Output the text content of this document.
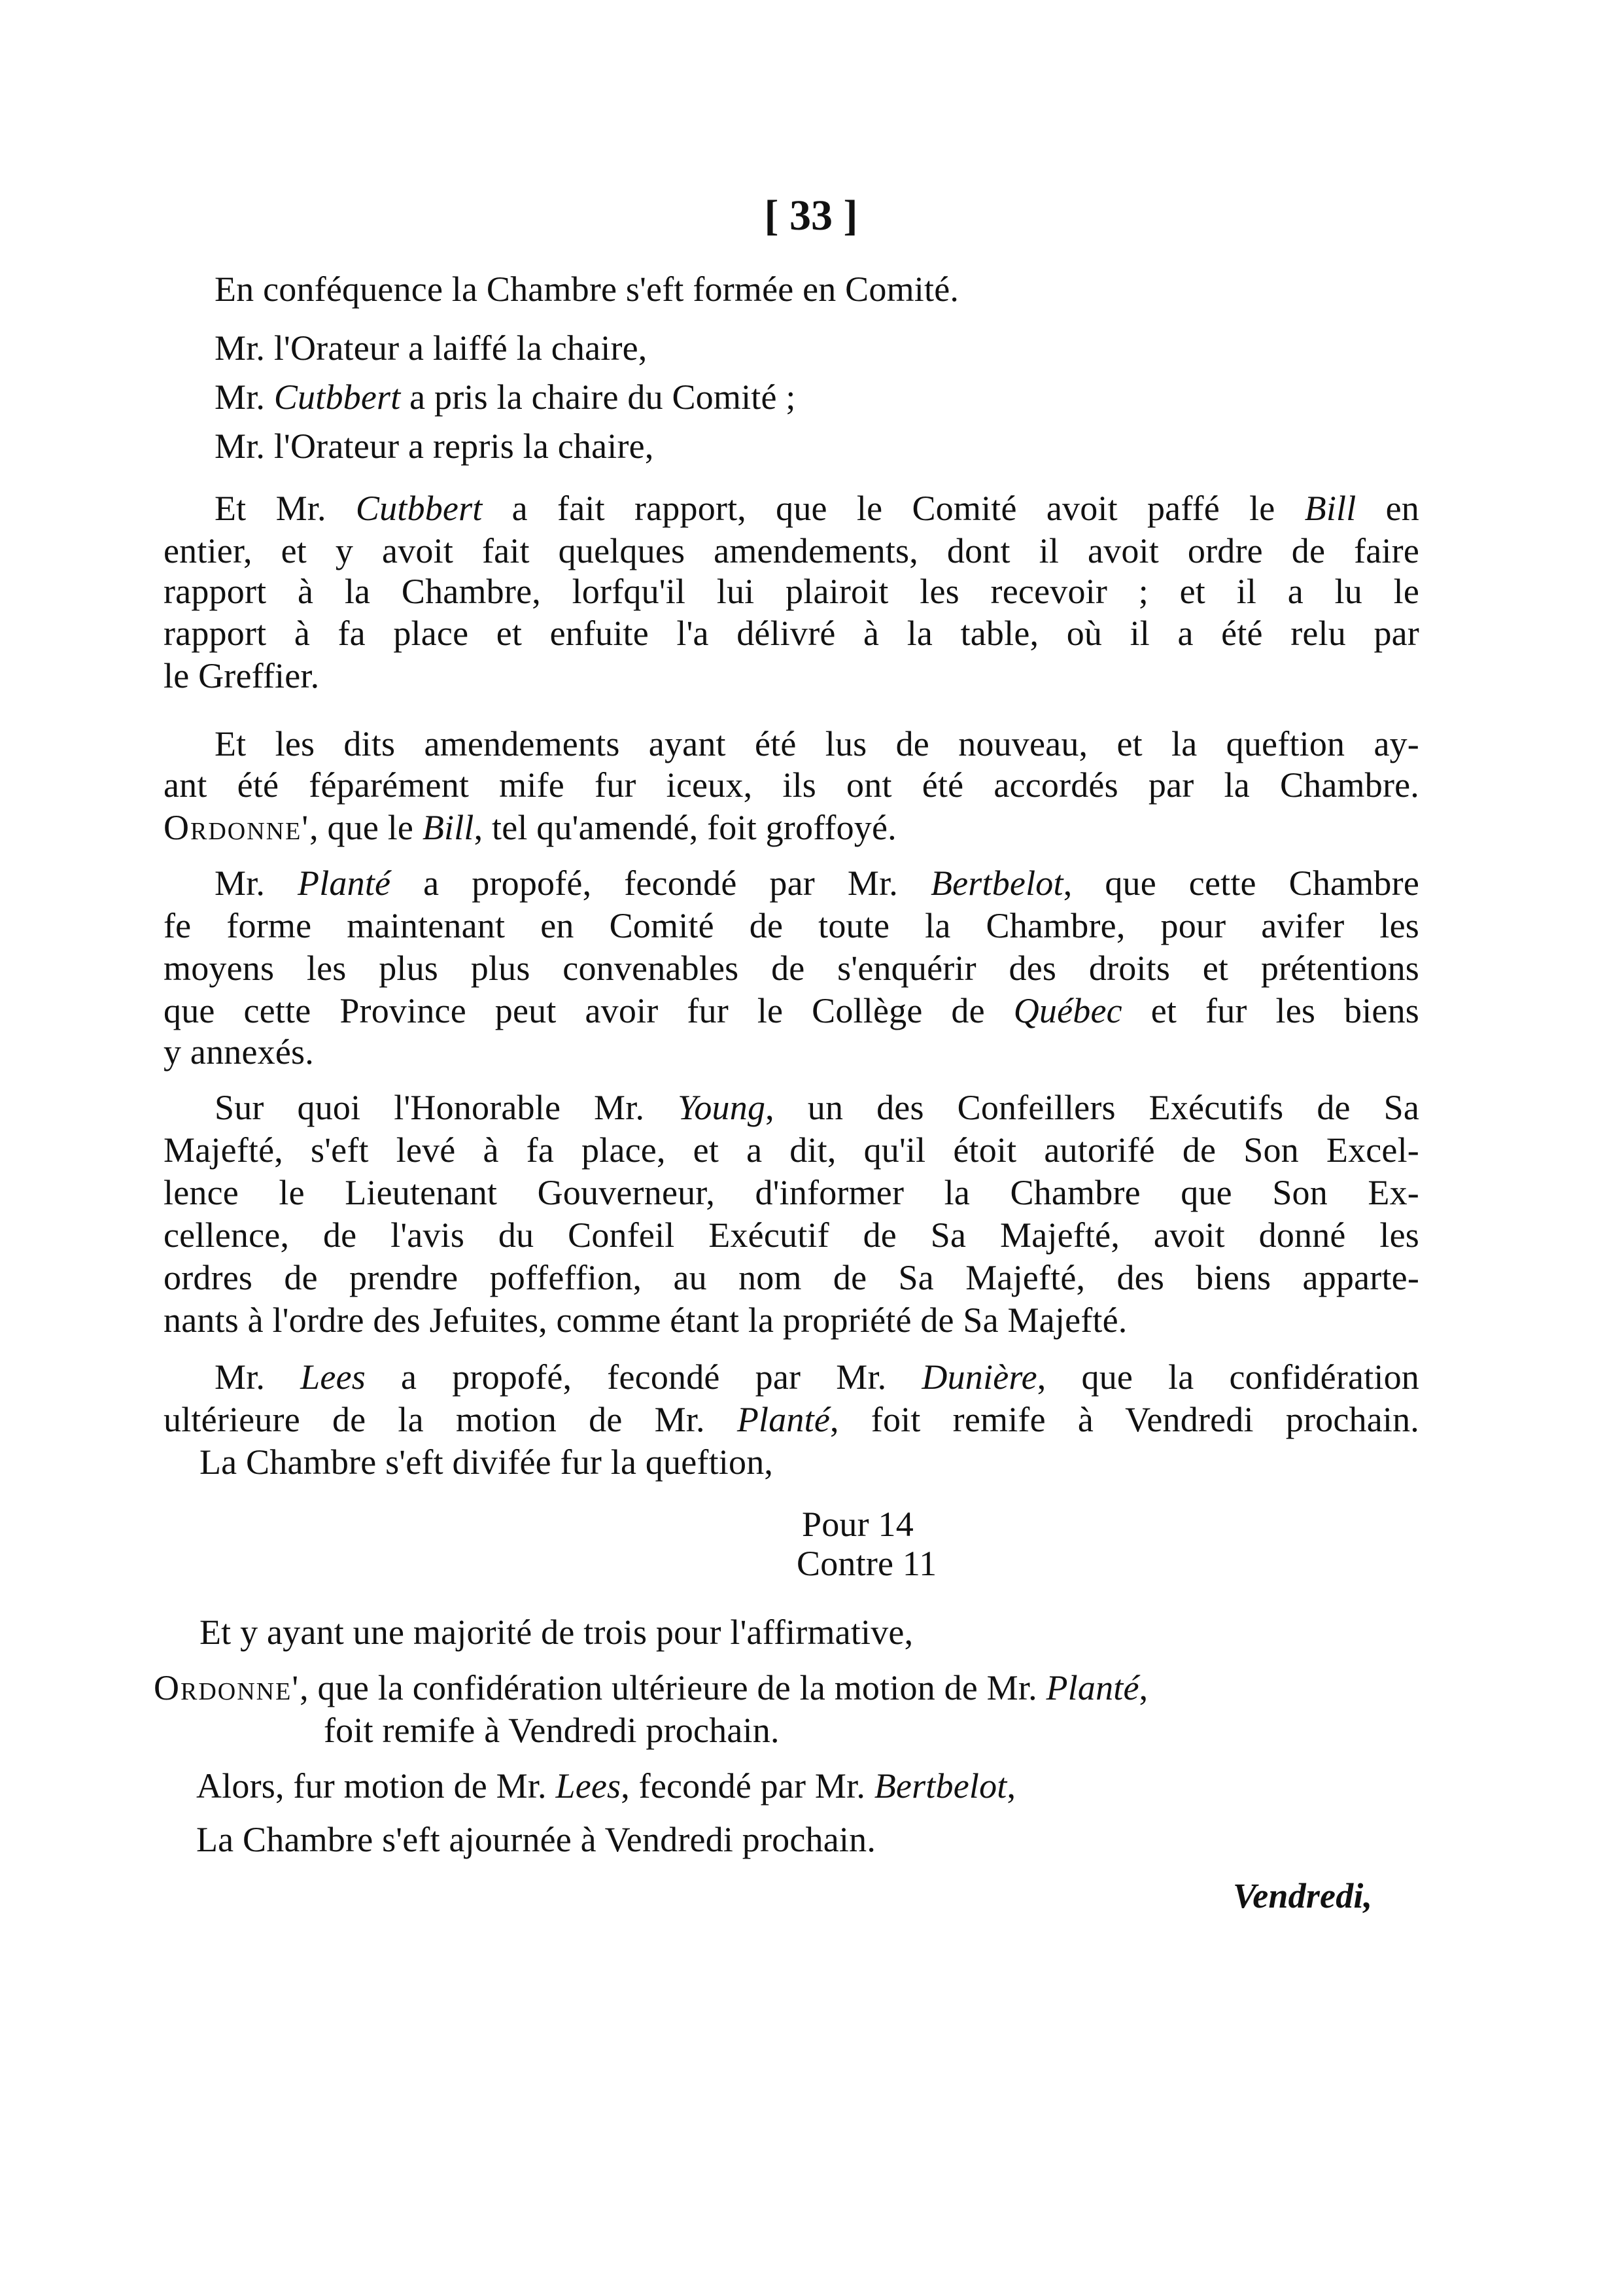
[ 33 ]
En conféquence la Chambre s'eft formée en Comité.
Mr. l'Orateur a laiffé la chaire,
Mr. Cutbbert a pris la chaire du Comité ;
Mr. l'Orateur a repris la chaire,
Et Mr. Cutbbert a fait rapport, que le Comité avoit paffé le Bill en
entier, et y avoit fait quelques amendements, dont il avoit ordre de faire
rapport à la Chambre, lorfqu'il lui plairoit les recevoir ; et il a lu le
rapport à fa place et enfuite l'a délivré à la table, où il a été relu par
le Greffier.
Et les dits amendements ayant été lus de nouveau, et la queftion ay-
ant été féparément mife fur iceux, ils ont été accordés par la Chambre.
Ordonne', que le Bill, tel qu'amendé, foit groffoyé.
Mr. Planté a propofé, fecondé par Mr. Bertbelot, que cette Chambre
fe forme maintenant en Comité de toute la Chambre, pour avifer les
moyens les plus plus convenables de s'enquérir des droits et prétentions
que cette Province peut avoir fur le Collège de Québec et fur les biens
y annexés.
Sur quoi l'Honorable Mr. Young, un des Confeillers Exécutifs de Sa
Majefté, s'eft levé à fa place, et a dit, qu'il étoit autorifé de Son Excel-
lence le Lieutenant Gouverneur, d'informer la Chambre que Son Ex-
cellence, de l'avis du Confeil Exécutif de Sa Majefté, avoit donné les
ordres de prendre poffeffion, au nom de Sa Majefté, des biens apparte-
nants à l'ordre des Jefuites, comme étant la propriété de Sa Majefté.
Mr. Lees a propofé, fecondé par Mr. Dunière, que la confidération
ultérieure de la motion de Mr. Planté, foit remife à Vendredi prochain.
La Chambre s'eft divifée fur la queftion,
Pour 14
Contre 11
Et y ayant une majorité de trois pour l'affirmative,
Ordonne', que la confidération ultérieure de la motion de Mr. Planté,
foit remife à Vendredi prochain.
Alors, fur motion de Mr. Lees, fecondé par Mr. Bertbelot,
La Chambre s'eft ajournée à Vendredi prochain.
Vendredi,
